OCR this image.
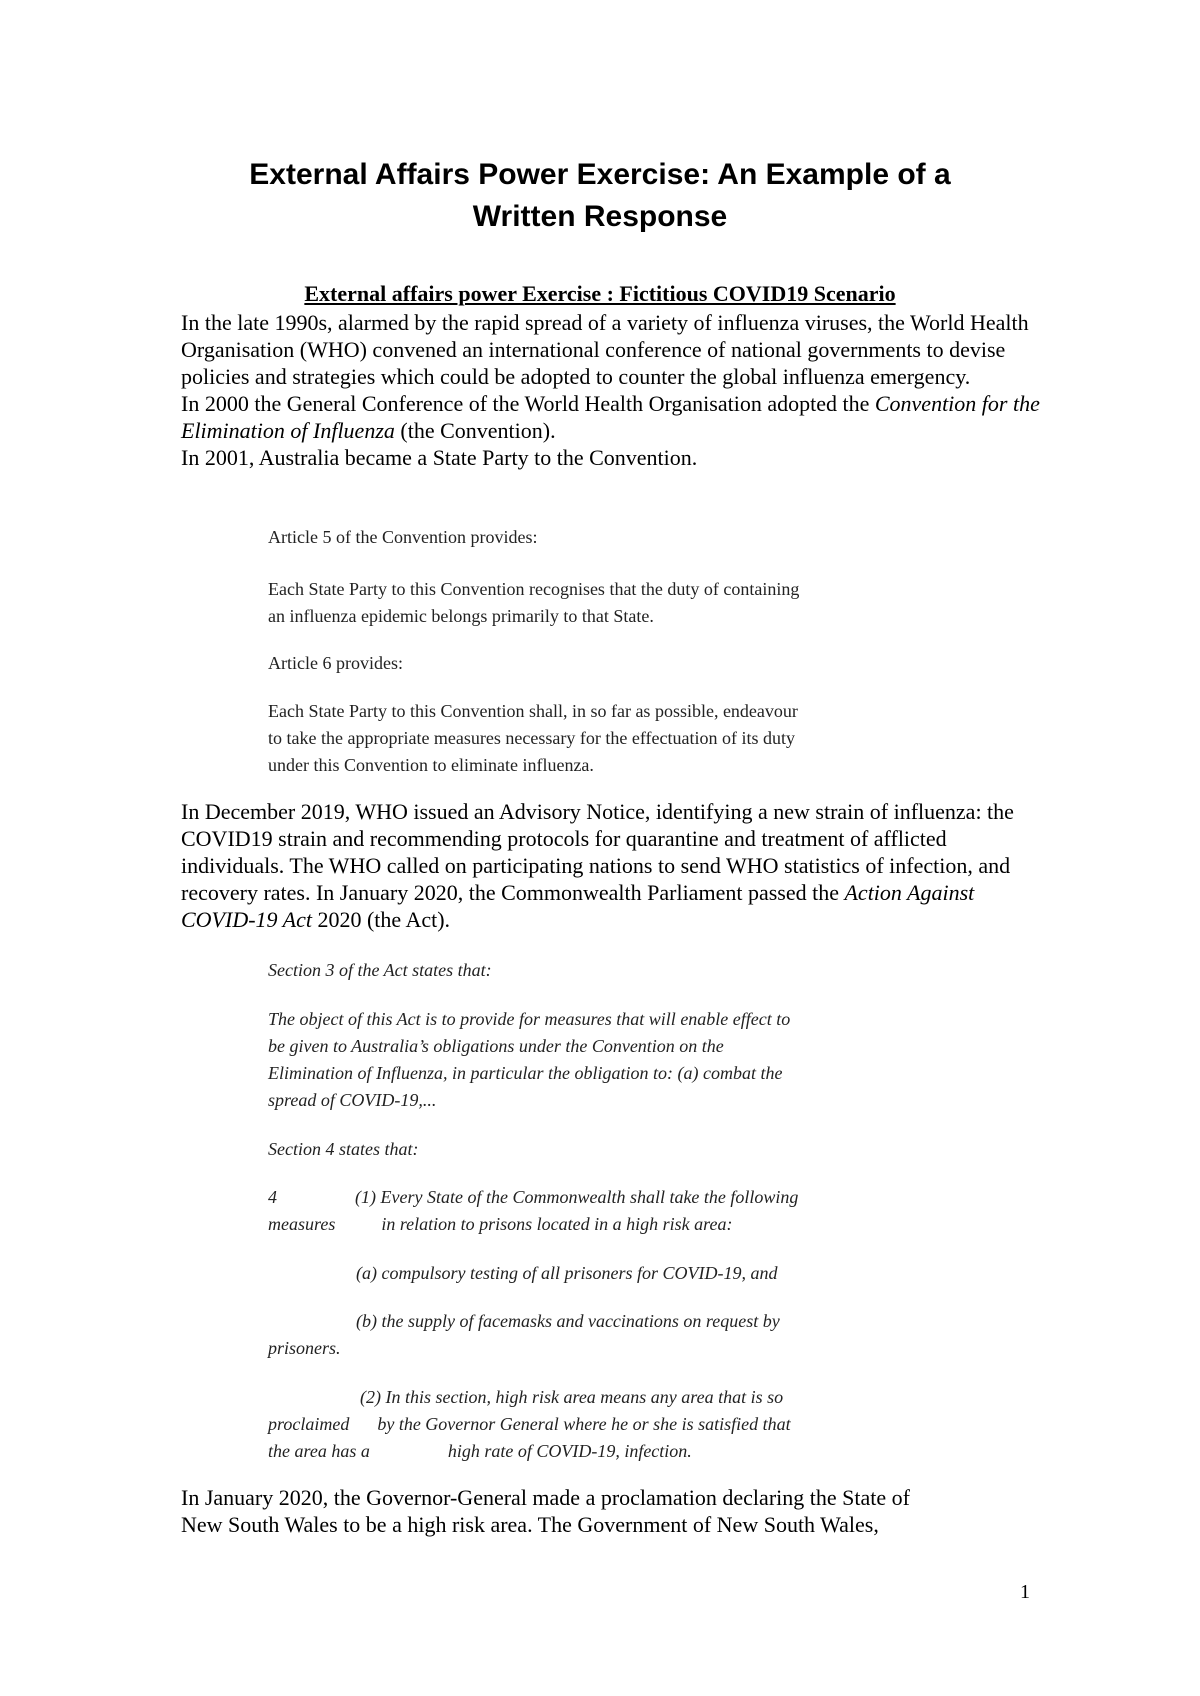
External Affairs Power Exercise: An Example of a
Written Response
External affairs power Exercise : Fictitious COVID19 Scenario

In the late 1990s, alarmed by the rapid spread of a variety of influenza viruses, the World Health Organisation (WHO) convened an international conference of national governments to devise policies and strategies which could be adopted to counter the global influenza emergency.

In 2000 the General Conference of the World Health Organisation adopted the Convention for the Elimination of Influenza (the Convention).

In 2001, Australia became a State Party to the Convention.

Article 5 of the Convention provides:

Each State Party to this Convention recognises that the duty of containing

an influenza epidemic belongs primarily to that State.

Article 6 provides:

Each State Party to this Convention shall, in so far as possible, endeavour

to take the appropriate measures necessary for the effectuation of its duty

under this Convention to eliminate influenza.

In December 2019, WHO issued an Advisory Notice, identifying a new strain of influenza: the COVID19 strain and recommending protocols for quarantine and treatment of afflicted individuals. The WHO called on participating nations to send WHO statistics of infection, and recovery rates. In January 2020, the Commonwealth Parliament passed the Action Against COVID-19 Act 2020 (the Act).

Section 3 of the Act states that:

The object of this Act is to provide for measures that will enable effect to

be given to Australia’s obligations under the Convention on the

Elimination of Influenza, in particular the obligation to: (a) combat the

spread of COVID-19,...

Section 4 states that:

4	(1) Every State of the Commonwealth shall take the following

measures	in relation to prisons located in a high risk area:

(a) compulsory testing of all prisoners for COVID-19, and

(b) the supply of facemasks and vaccinations on request by

prisoners.

(2) In this section, high risk area means any area that is so

proclaimed by the Governor General where he or she is satisfied that

the area has a	high rate of COVID-19, infection.

In January 2020, the Governor-General made a proclamation declaring the State of

New South Wales to be a high risk area. The Government of New South Wales,

1
